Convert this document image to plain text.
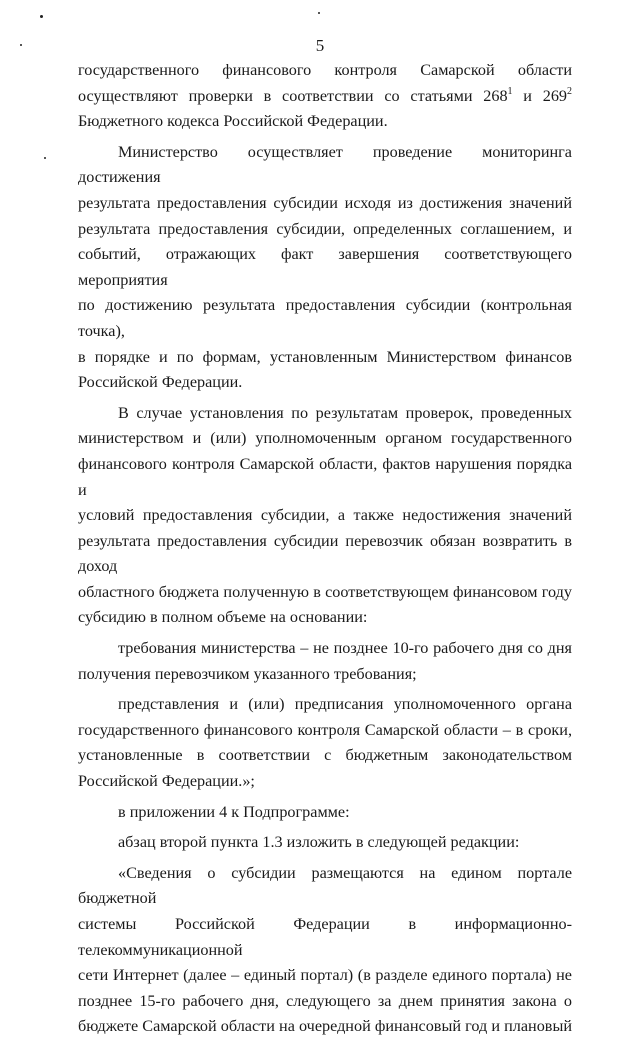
5

государственного финансового контроля Самарской области

осуществляют проверки в соответствии со статьями $268^1$ и $269^2$

Бюджетного кодекса Российской Федерации.

Министерство осуществляет проведение мониторинга достижения

результата предоставления субсидии исходя из достижения значений

результата предоставления субсидии, определенных соглашением, и

событий, отражающих факт завершения соответствующего мероприятия

по достижению результата предоставления субсидии (контрольная точка),

в порядке и по формам, установленным Министерством финансов

Российской Федерации.

В случае установления по результатам проверок, проведенных

министерством и (или) уполномоченным органом государственного

финансового контроля Самарской области, фактов нарушения порядка и

условий предоставления субсидии, а также недостижения значений

результата предоставления субсидии перевозчик обязан возвратить в доход

областного бюджета полученную в соответствующем финансовом году

субсидию в полном объеме на основании:

требования министерства – не позднее 10-го рабочего дня со дня

получения перевозчиком указанного требования;

представления и (или) предписания уполномоченного органа

государственного финансового контроля Самарской области – в сроки,

установленные в соответствии с бюджетным законодательством

Российской Федерации.»;

в приложении 4 к Подпрограмме:

абзац второй пункта 1.3 изложить в следующей редакции:

«Сведения о субсидии размещаются на едином портале бюджетной

системы Российской Федерации в информационно-телекоммуникационной

сети Интернет (далее – единый портал) (в разделе единого портала) не

позднее 15-го рабочего дня, следующего за днем принятия закона о

бюджете Самарской области на очередной финансовый год и плановый
